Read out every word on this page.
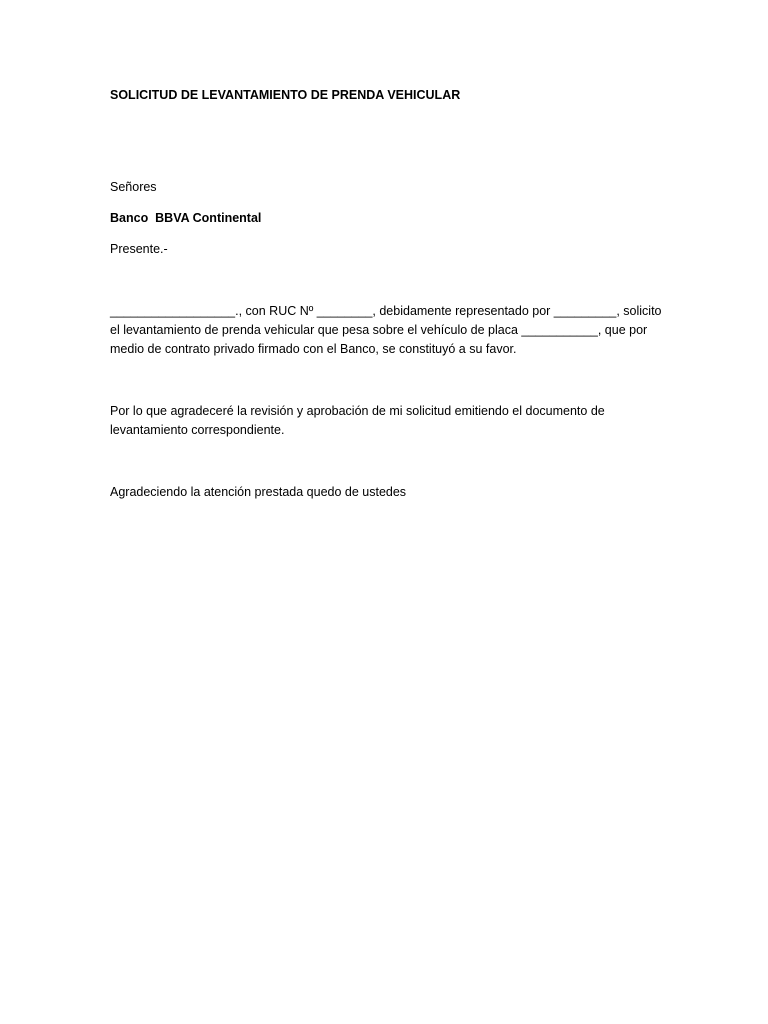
SOLICITUD DE LEVANTAMIENTO DE PRENDA VEHICULAR

Señores

Banco  BBVA Continental

Presente.-

__________________., con RUC Nº ________, debidamente representado por _________, solicito
el levantamiento de prenda vehicular que pesa sobre el vehículo de placa ___________, que por
medio de contrato privado firmado con el Banco, se constituyó a su favor.
Por lo que agradeceré la revisión y aprobación de mi solicitud emitiendo el documento de
levantamiento correspondiente.

Agradeciendo la atención prestada quedo de ustedes
